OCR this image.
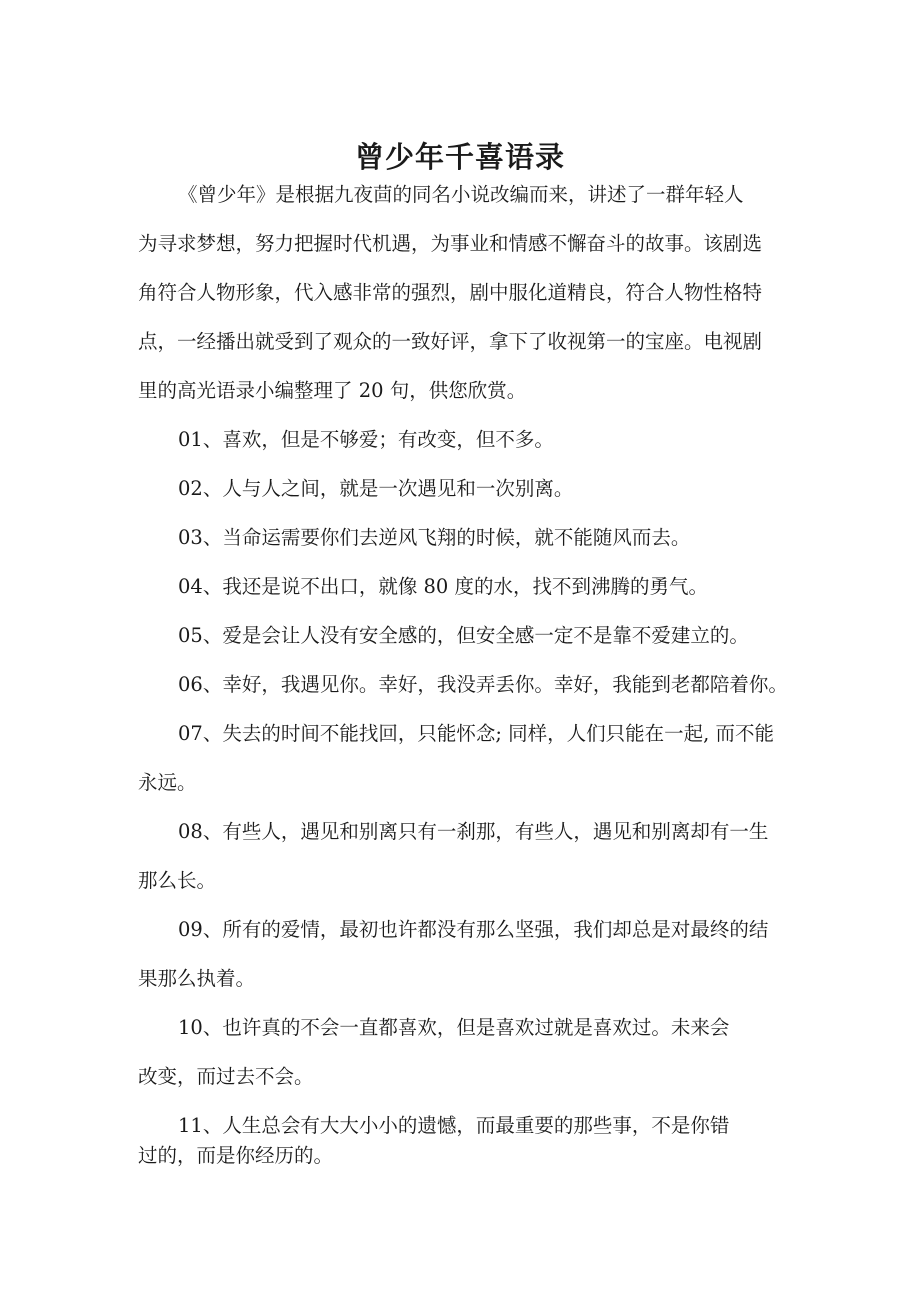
曾少年千喜语录

《曾少年》是根据九夜茴的同名小说改编而来，讲述了一群年轻人
为寻求梦想，努力把握时代机遇，为事业和情感不懈奋斗的故事。该剧选
角符合人物形象，代入感非常的强烈，剧中服化道精良，符合人物性格特
点，一经播出就受到了观众的一致好评，拿下了收视第一的宝座。电视剧
里的高光语录小编整理了 20 句，供您欣赏。

01、喜欢，但是不够爱；有改变，但不多。
02、人与人之间，就是一次遇见和一次别离。
03、当命运需要你们去逆风飞翔的时候，就不能随风而去。
04、我还是说不出口，就像 80 度的水，找不到沸腾的勇气。
05、爱是会让人没有安全感的，但安全感一定不是靠不爱建立的。
06、幸好，我遇见你。幸好，我没弄丢你。幸好，我能到老都陪着你。
07、失去的时间不能找回，只能怀念; 同样，人们只能在一起, 而不能
永远。
08、有些人，遇见和别离只有一刹那，有些人，遇见和别离却有一生
那么长。
09、所有的爱情，最初也许都没有那么坚强，我们却总是对最终的结
果那么执着。
10、也许真的不会一直都喜欢，但是喜欢过就是喜欢过。未来会
改变，而过去不会。
11、人生总会有大大小小的遗憾，而最重要的那些事，不是你错
过的，而是你经历的。
